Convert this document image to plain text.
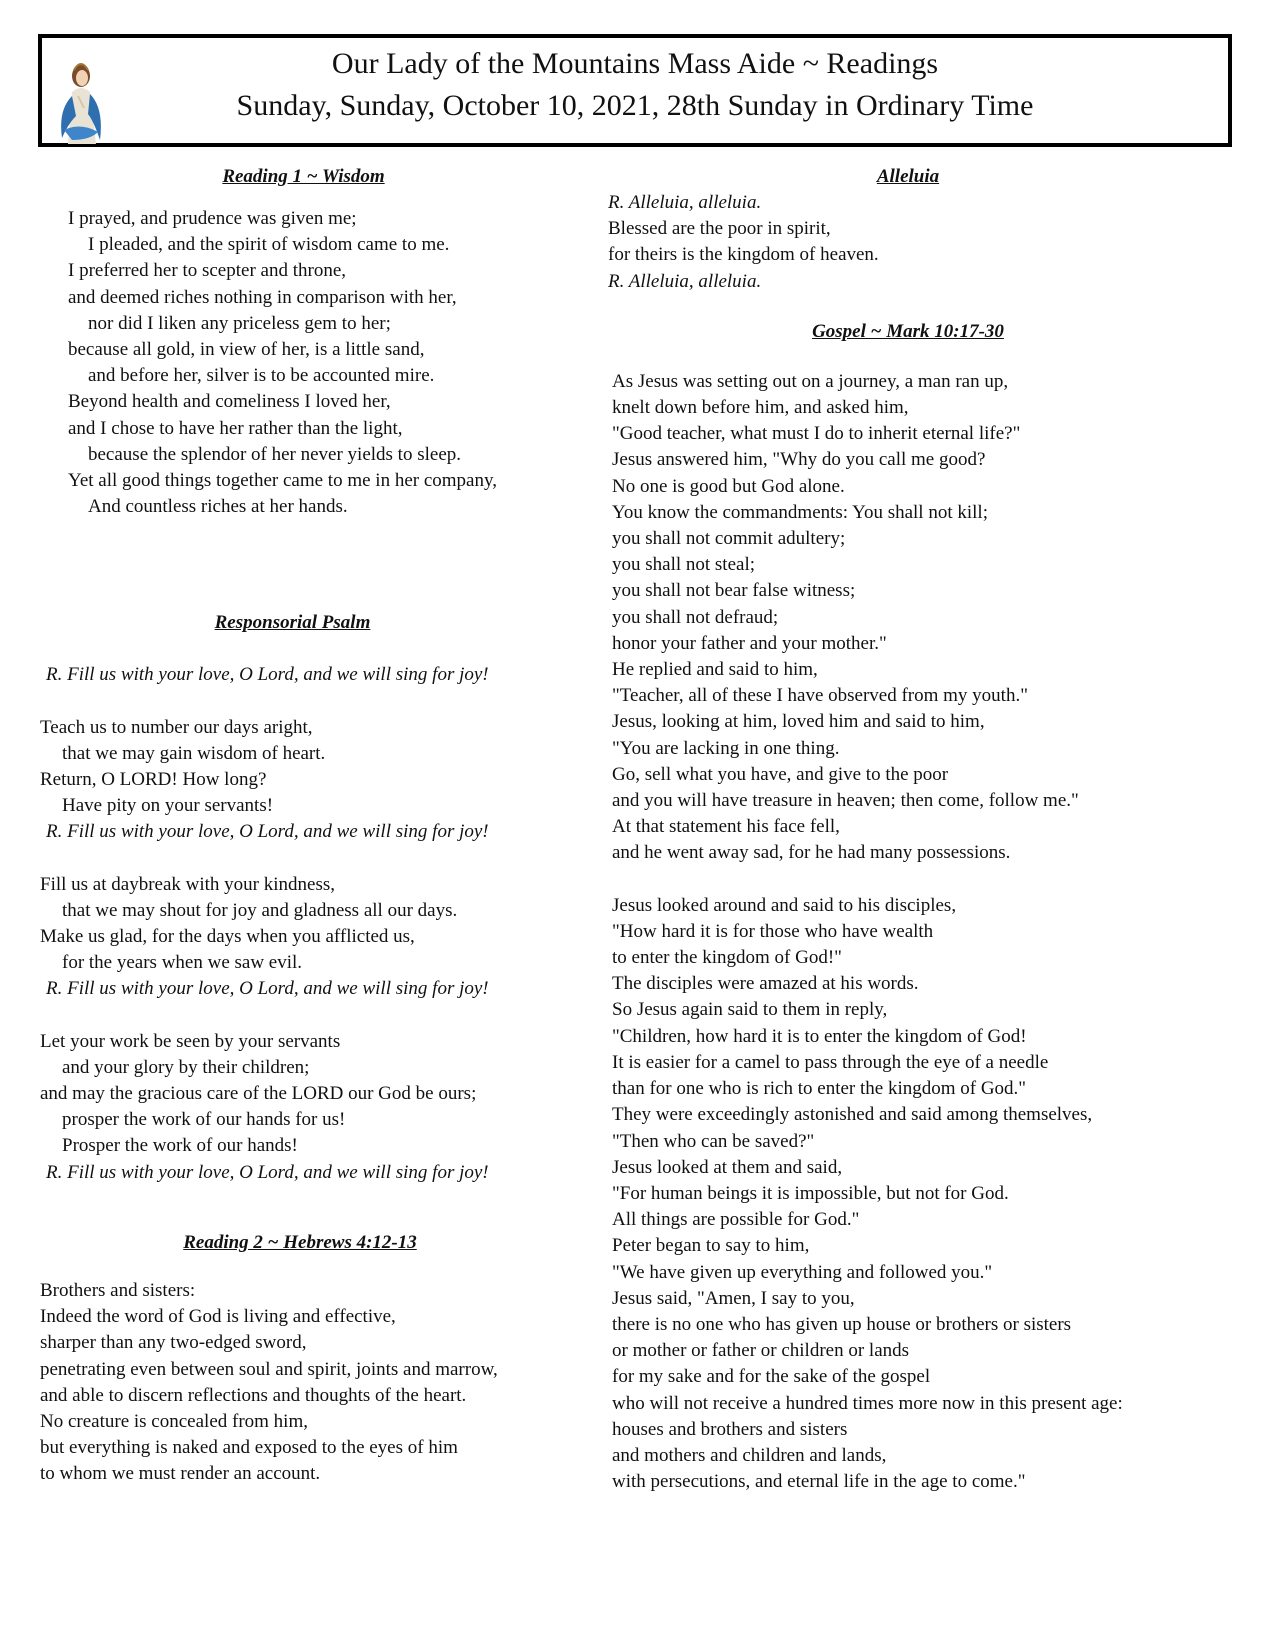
Our Lady of the Mountains Mass Aide ~ Readings
Sunday, Sunday, October 10, 2021, 28th Sunday in Ordinary Time
Reading 1 ~ Wisdom
I prayed, and prudence was given me;
I pleaded, and the spirit of wisdom came to me.
I preferred her to scepter and throne,
and deemed riches nothing in comparison with her,
nor did I liken any priceless gem to her;
because all gold, in view of her, is a little sand,
and before her, silver is to be accounted mire.
Beyond health and comeliness I loved her,
and I chose to have her rather than the light,
because the splendor of her never yields to sleep.
Yet all good things together came to me in her company,
And countless riches at her hands.
Responsorial Psalm
R. Fill us with your love, O Lord, and we will sing for joy!
Teach us to number our days aright,
that we may gain wisdom of heart.
Return, O LORD! How long?
Have pity on your servants!
R. Fill us with your love, O Lord, and we will sing for joy!
Fill us at daybreak with your kindness,
that we may shout for joy and gladness all our days.
Make us glad, for the days when you afflicted us,
for the years when we saw evil.
R. Fill us with your love, O Lord, and we will sing for joy!
Let your work be seen by your servants
and your glory by their children;
and may the gracious care of the LORD our God be ours;
prosper the work of our hands for us!
Prosper the work of our hands!
R. Fill us with your love, O Lord, and we will sing for joy!
Reading 2 ~ Hebrews 4:12-13
Brothers and sisters:
Indeed the word of God is living and effective,
sharper than any two-edged sword,
penetrating even between soul and spirit, joints and marrow,
and able to discern reflections and thoughts of the heart.
No creature is concealed from him,
but everything is naked and exposed to the eyes of him
to whom we must render an account.
Alleluia
R. Alleluia, alleluia.
Blessed are the poor in spirit,
for theirs is the kingdom of heaven.
R. Alleluia, alleluia.
Gospel ~ Mark 10:17-30
As Jesus was setting out on a journey, a man ran up,
knelt down before him, and asked him,
"Good teacher, what must I do to inherit eternal life?"
Jesus answered him, "Why do you call me good?
No one is good but God alone.
You know the commandments: You shall not kill;
you shall not commit adultery;
you shall not steal;
you shall not bear false witness;
you shall not defraud;
honor your father and your mother."
He replied and said to him,
"Teacher, all of these I have observed from my youth."
Jesus, looking at him, loved him and said to him,
"You are lacking in one thing.
Go, sell what you have, and give to the poor
and you will have treasure in heaven; then come, follow me."
At that statement his face fell,
and he went away sad, for he had many possessions.
Jesus looked around and said to his disciples,
"How hard it is for those who have wealth
to enter the kingdom of God!"
The disciples were amazed at his words.
So Jesus again said to them in reply,
"Children, how hard it is to enter the kingdom of God!
It is easier for a camel to pass through the eye of a needle
than for one who is rich to enter the kingdom of God."
They were exceedingly astonished and said among themselves,
"Then who can be saved?"
Jesus looked at them and said,
"For human beings it is impossible, but not for God.
All things are possible for God."
Peter began to say to him,
"We have given up everything and followed you."
Jesus said, "Amen, I say to you,
there is no one who has given up house or brothers or sisters
or mother or father or children or lands
for my sake and for the sake of the gospel
who will not receive a hundred times more now in this present age:
houses and brothers and sisters
and mothers and children and lands,
with persecutions, and eternal life in the age to come."
